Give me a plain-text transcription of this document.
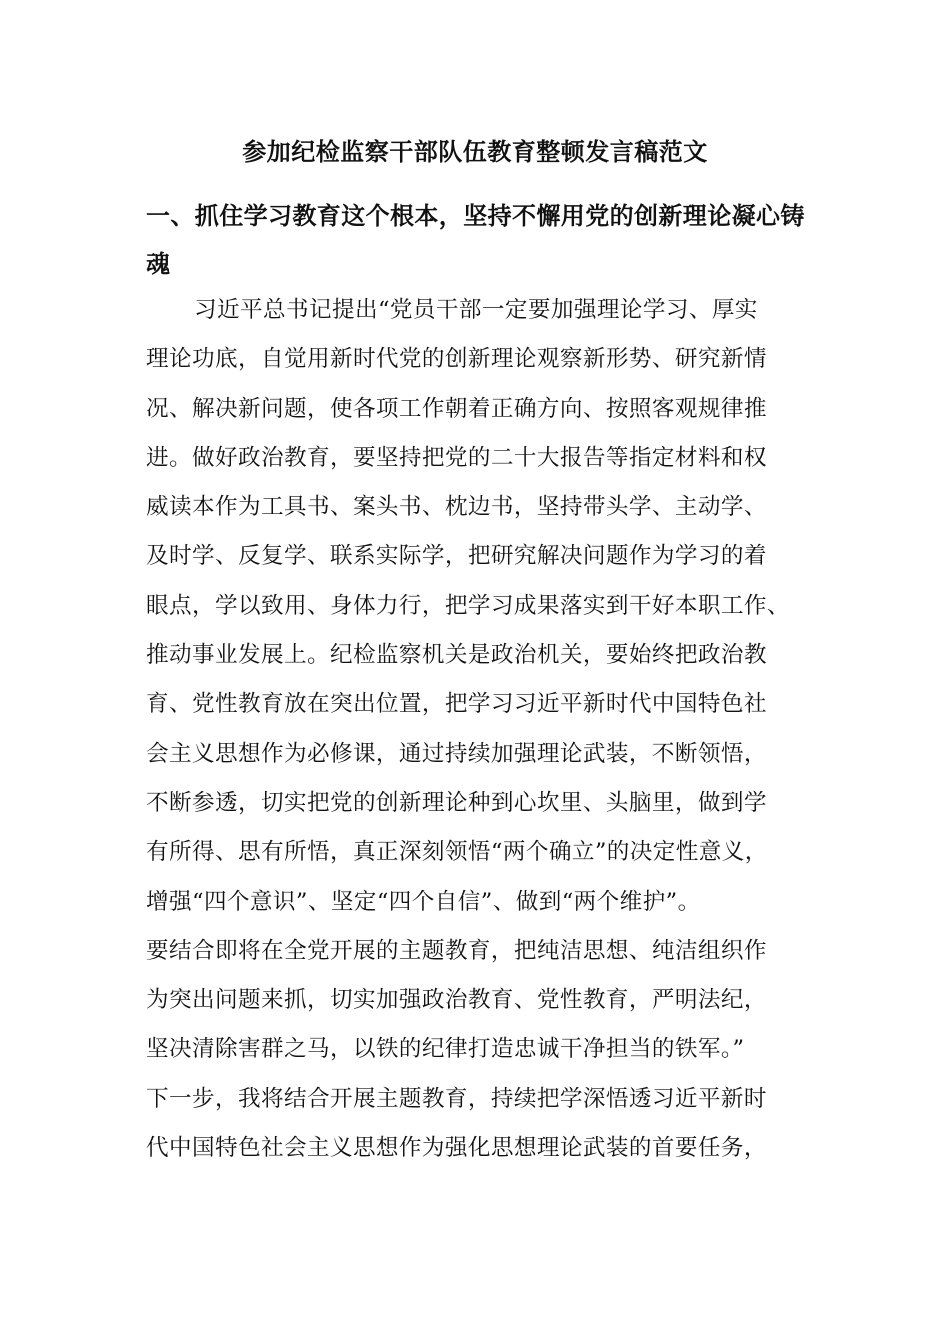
参加纪检监察干部队伍教育整顿发言稿范文
一、抓住学习教育这个根本，坚持不懈用党的创新理论凝心铸
魂
习近平总书记提出“党员干部一定要加强理论学习、厚实
理论功底，自觉用新时代党的创新理论观察新形势、研究新情
况、解决新问题，使各项工作朝着正确方向、按照客观规律推
进。做好政治教育，要坚持把党的二十大报告等指定材料和权
威读本作为工具书、案头书、枕边书，坚持带头学、主动学、
及时学、反复学、联系实际学，把研究解决问题作为学习的着
眼点，学以致用、身体力行，把学习成果落实到干好本职工作、
推动事业发展上。纪检监察机关是政治机关，要始终把政治教
育、党性教育放在突出位置，把学习习近平新时代中国特色社
会主义思想作为必修课，通过持续加强理论武装，不断领悟，
不断参透，切实把党的创新理论种到心坎里、头脑里，做到学
有所得、思有所悟，真正深刻领悟“两个确立”的决定性意义，
增强“四个意识”、坚定“四个自信”、做到“两个维护”。
要结合即将在全党开展的主题教育，把纯洁思想、纯洁组织作
为突出问题来抓，切实加强政治教育、党性教育，严明法纪，
坚决清除害群之马，以铁的纪律打造忠诚干净担当的铁军。”
下一步，我将结合开展主题教育，持续把学深悟透习近平新时
代中国特色社会主义思想作为强化思想理论武装的首要任务，
